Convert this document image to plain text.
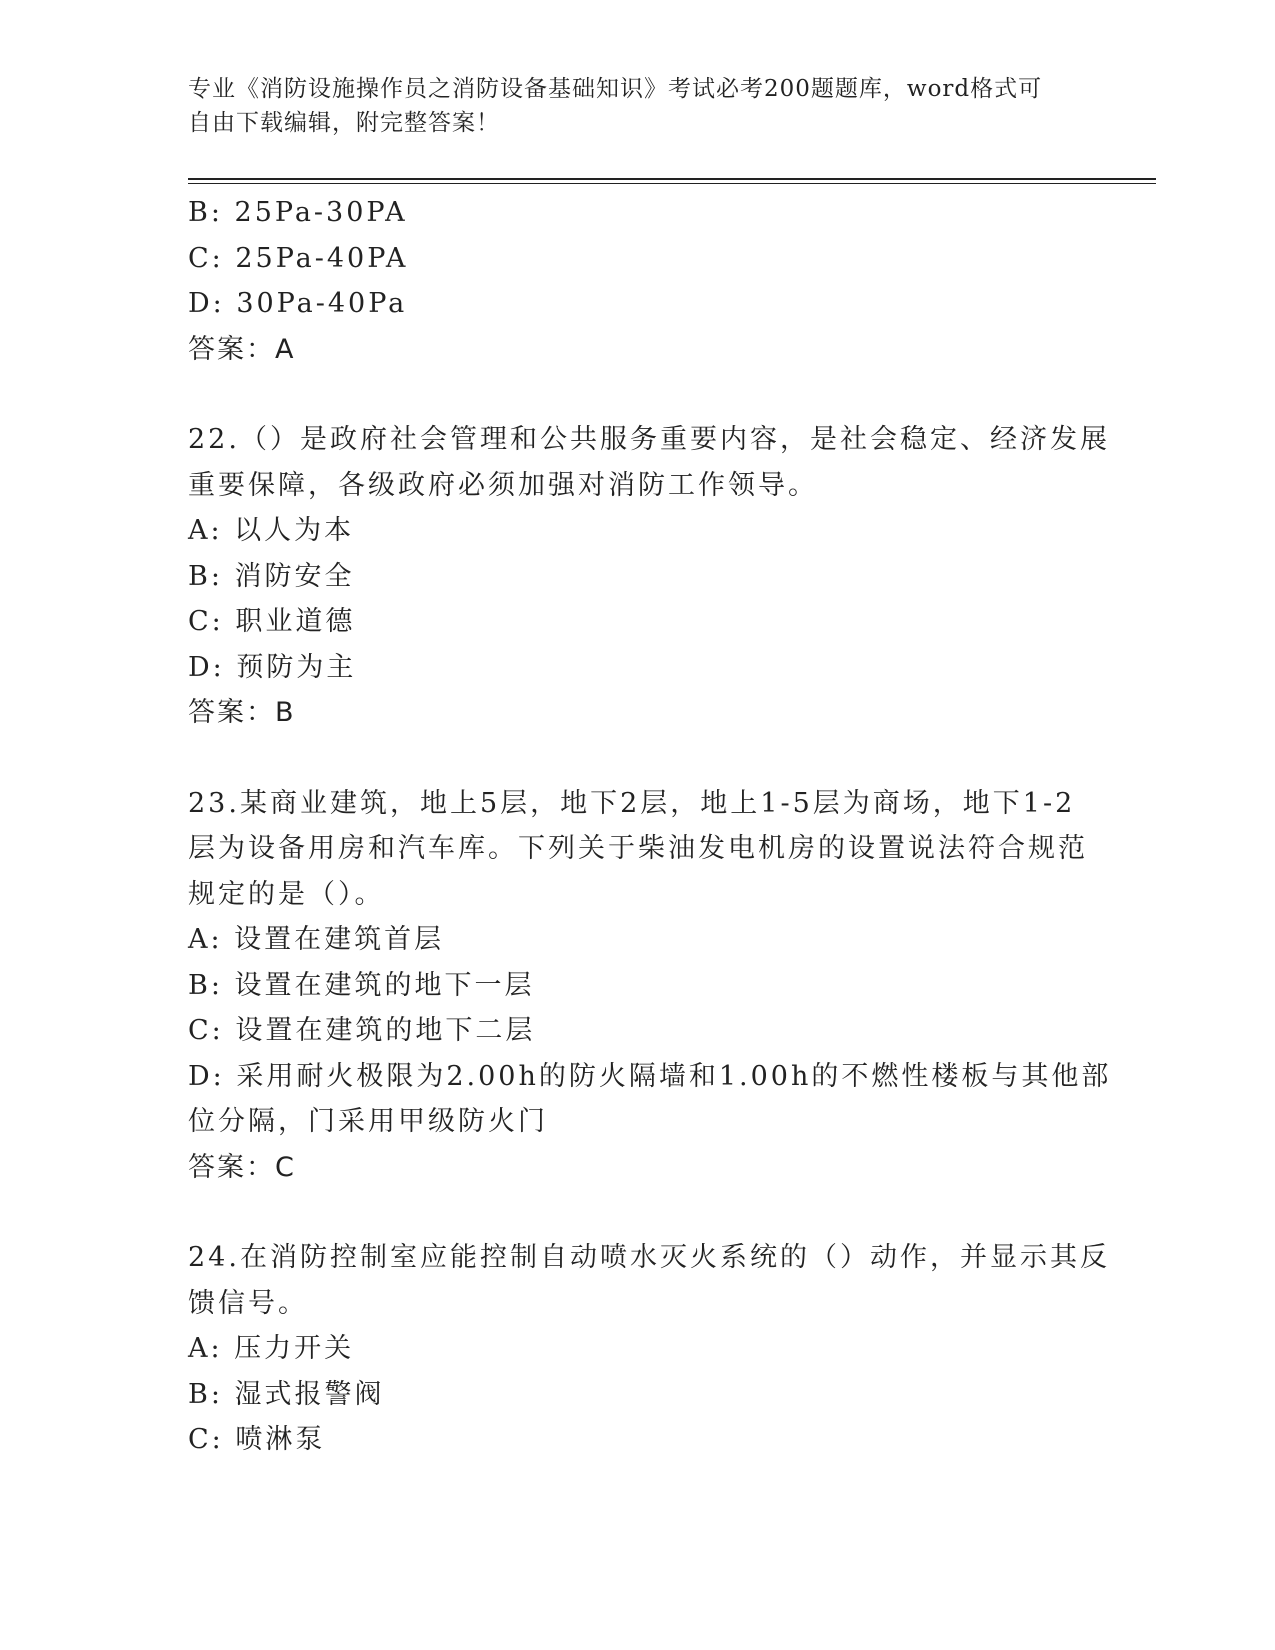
专业《消防设施操作员之消防设备基础知识》考试必考200题题库，word格式可
自由下载编辑，附完整答案！
B: 25Pa-30PA
C: 25Pa-40PA
D: 30Pa-40Pa
答案：A
22.（）是政府社会管理和公共服务重要内容，是社会稳定、经济发展
重要保障，各级政府必须加强对消防工作领导。
A: 以人为本
B: 消防安全
C: 职业道德
D: 预防为主
答案：B
23.某商业建筑，地上5层，地下2层，地上1-5层为商场，地下1-2
层为设备用房和汽车库。下列关于柴油发电机房的设置说法符合规范
规定的是（）。
A: 设置在建筑首层
B: 设置在建筑的地下一层
C: 设置在建筑的地下二层
D: 采用耐火极限为2.00h的防火隔墙和1.00h的不燃性楼板与其他部
位分隔，门采用甲级防火门
答案：C
24.在消防控制室应能控制自动喷水灭火系统的（）动作，并显示其反
馈信号。
A: 压力开关
B: 湿式报警阀
C: 喷淋泵
